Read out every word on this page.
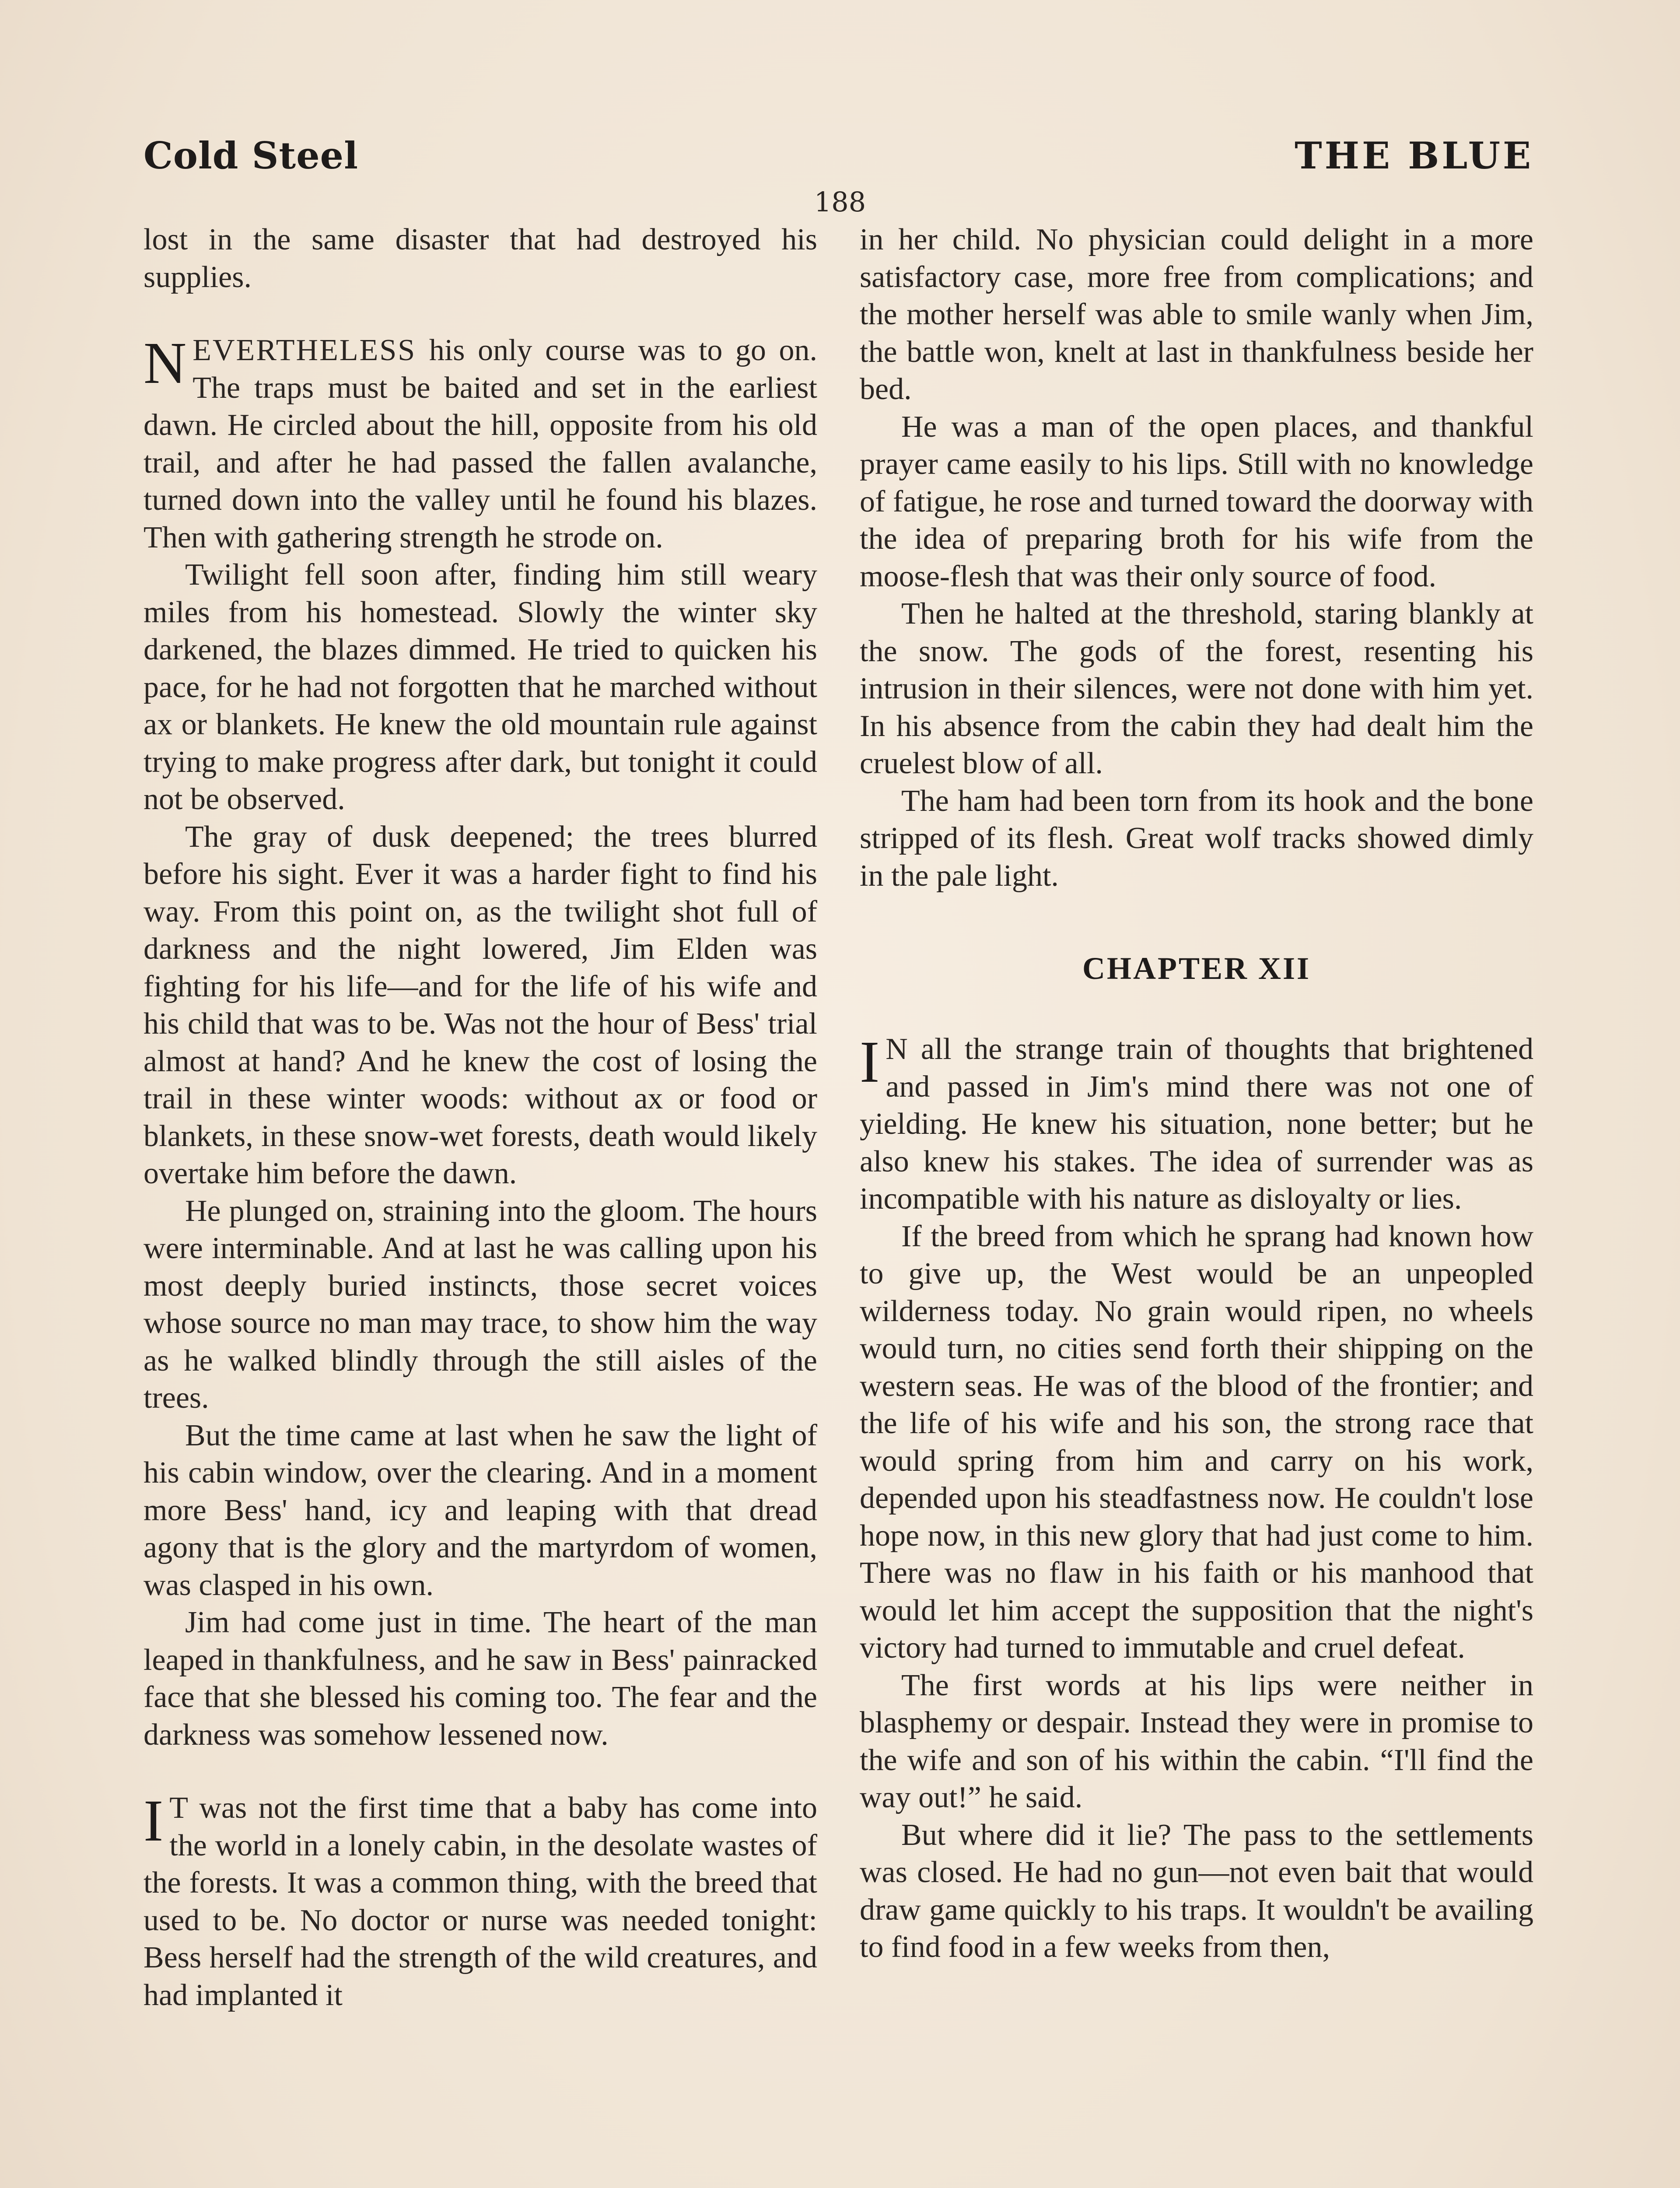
Cold Steel	THE BLUE
188

lost in the same disaster that had destroyed his supplies.

NEVERTHELESS his only course was to go on. The traps must be baited and set in the earliest dawn. He circled about the hill, opposite from his old trail, and after he had passed the fallen avalanche, turned down into the valley until he found his blazes. Then with gathering strength he strode on.

Twilight fell soon after, finding him still weary miles from his homestead. Slowly the winter sky darkened, the blazes dimmed. He tried to quicken his pace, for he had not forgotten that he marched without ax or blankets. He knew the old mountain rule against trying to make progress after dark, but tonight it could not be observed.

The gray of dusk deepened; the trees blurred before his sight. Ever it was a harder fight to find his way. From this point on, as the twilight shot full of darkness and the night lowered, Jim Elden was fighting for his life—and for the life of his wife and his child that was to be. Was not the hour of Bess' trial almost at hand? And he knew the cost of losing the trail in these winter woods: without ax or food or blankets, in these snow-wet forests, death would likely overtake him before the dawn.

He plunged on, straining into the gloom. The hours were interminable. And at last he was calling upon his most deeply buried instincts, those secret voices whose source no man may trace, to show him the way as he walked blindly through the still aisles of the trees.

But the time came at last when he saw the light of his cabin window, over the clearing. And in a moment more Bess' hand, icy and leaping with that dread agony that is the glory and the martyrdom of women, was clasped in his own.

Jim had come just in time. The heart of the man leaped in thankfulness, and he saw in Bess' painracked face that she blessed his coming too. The fear and the darkness was somehow lessened now.

I T was not the first time that a baby has come into the world in a lonely cabin, in the desolate wastes of the forests. It was a common thing, with the breed that used to be. No doctor or nurse was needed tonight: Bess herself had the strength of the wild creatures, and had implanted it

in her child. No physician could delight in a more satisfactory case, more free from complications; and the mother herself was able to smile wanly when Jim, the battle won, knelt at last in thankfulness beside her bed.

He was a man of the open places, and thankful prayer came easily to his lips. Still with no knowledge of fatigue, he rose and turned toward the doorway with the idea of preparing broth for his wife from the moose-flesh that was their only source of food.

Then he halted at the threshold, staring blankly at the snow. The gods of the forest, resenting his intrusion in their silences, were not done with him yet. In his absence from the cabin they had dealt him the cruelest blow of all.

The ham had been torn from its hook and the bone stripped of its flesh. Great wolf tracks showed dimly in the pale light.

CHAPTER XII

I N all the strange train of thoughts that brightened and passed in Jim's mind there was not one of yielding. He knew his situation, none better; but he also knew his stakes. The idea of surrender was as incompatible with his nature as disloyalty or lies.

If the breed from which he sprang had known how to give up, the West would be an unpeopled wilderness today. No grain would ripen, no wheels would turn, no cities send forth their shipping on the western seas. He was of the blood of the frontier; and the life of his wife and his son, the strong race that would spring from him and carry on his work, depended upon his steadfastness now. He couldn't lose hope now, in this new glory that had just come to him. There was no flaw in his faith or his manhood that would let him accept the supposition that the night's victory had turned to immutable and cruel defeat.

The first words at his lips were neither in blasphemy or despair. Instead they were in promise to the wife and son of his within the cabin. “I'll find the way out!” he said.

But where did it lie? The pass to the settlements was closed. He had no gun—not even bait that would draw game quickly to his traps. It wouldn't be availing to find food in a few weeks from then,
